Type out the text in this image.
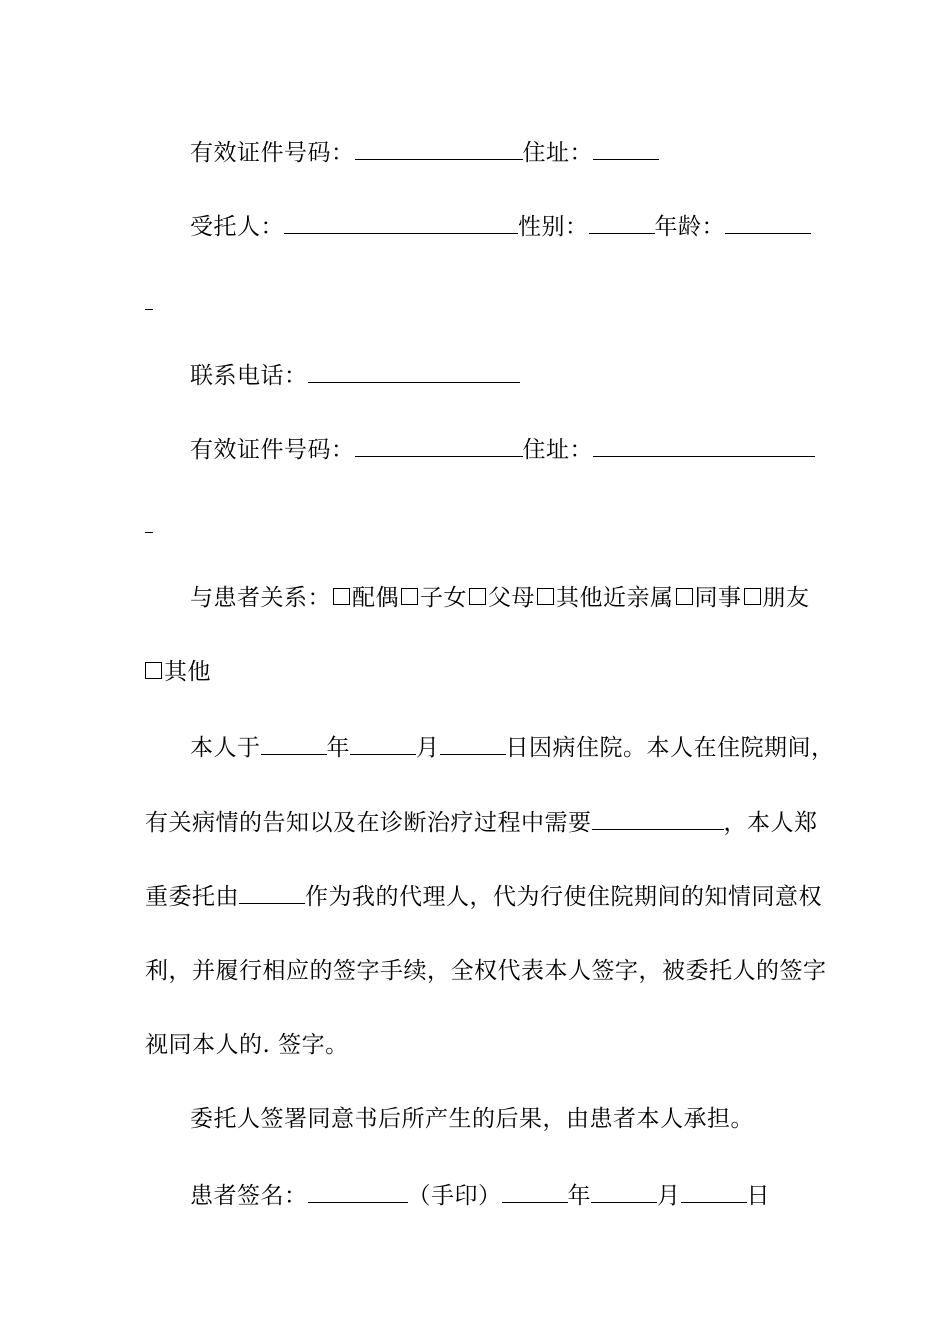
有效证件号码：	住址：
受托人：	性别：	年龄：
联系电话：
有效证件号码：	住址：
与患者关系： 配偶 子女 父母 其他近亲属 同事 朋友
其他
本人于	年	月	日因病住院。本人在住院期间，
有关病情的告知以及在诊断治疗过程中需要	，本人郑
重委托由	作为我的代理人，代为行使住院期间的知情同意权
利，并履行相应的签字手续，全权代表本人签字，被委托人的签字
视同本人的. 签字。
委托人签署同意书后所产生的后果，由患者本人承担。
患者签名：	（手印）	年	月	日
